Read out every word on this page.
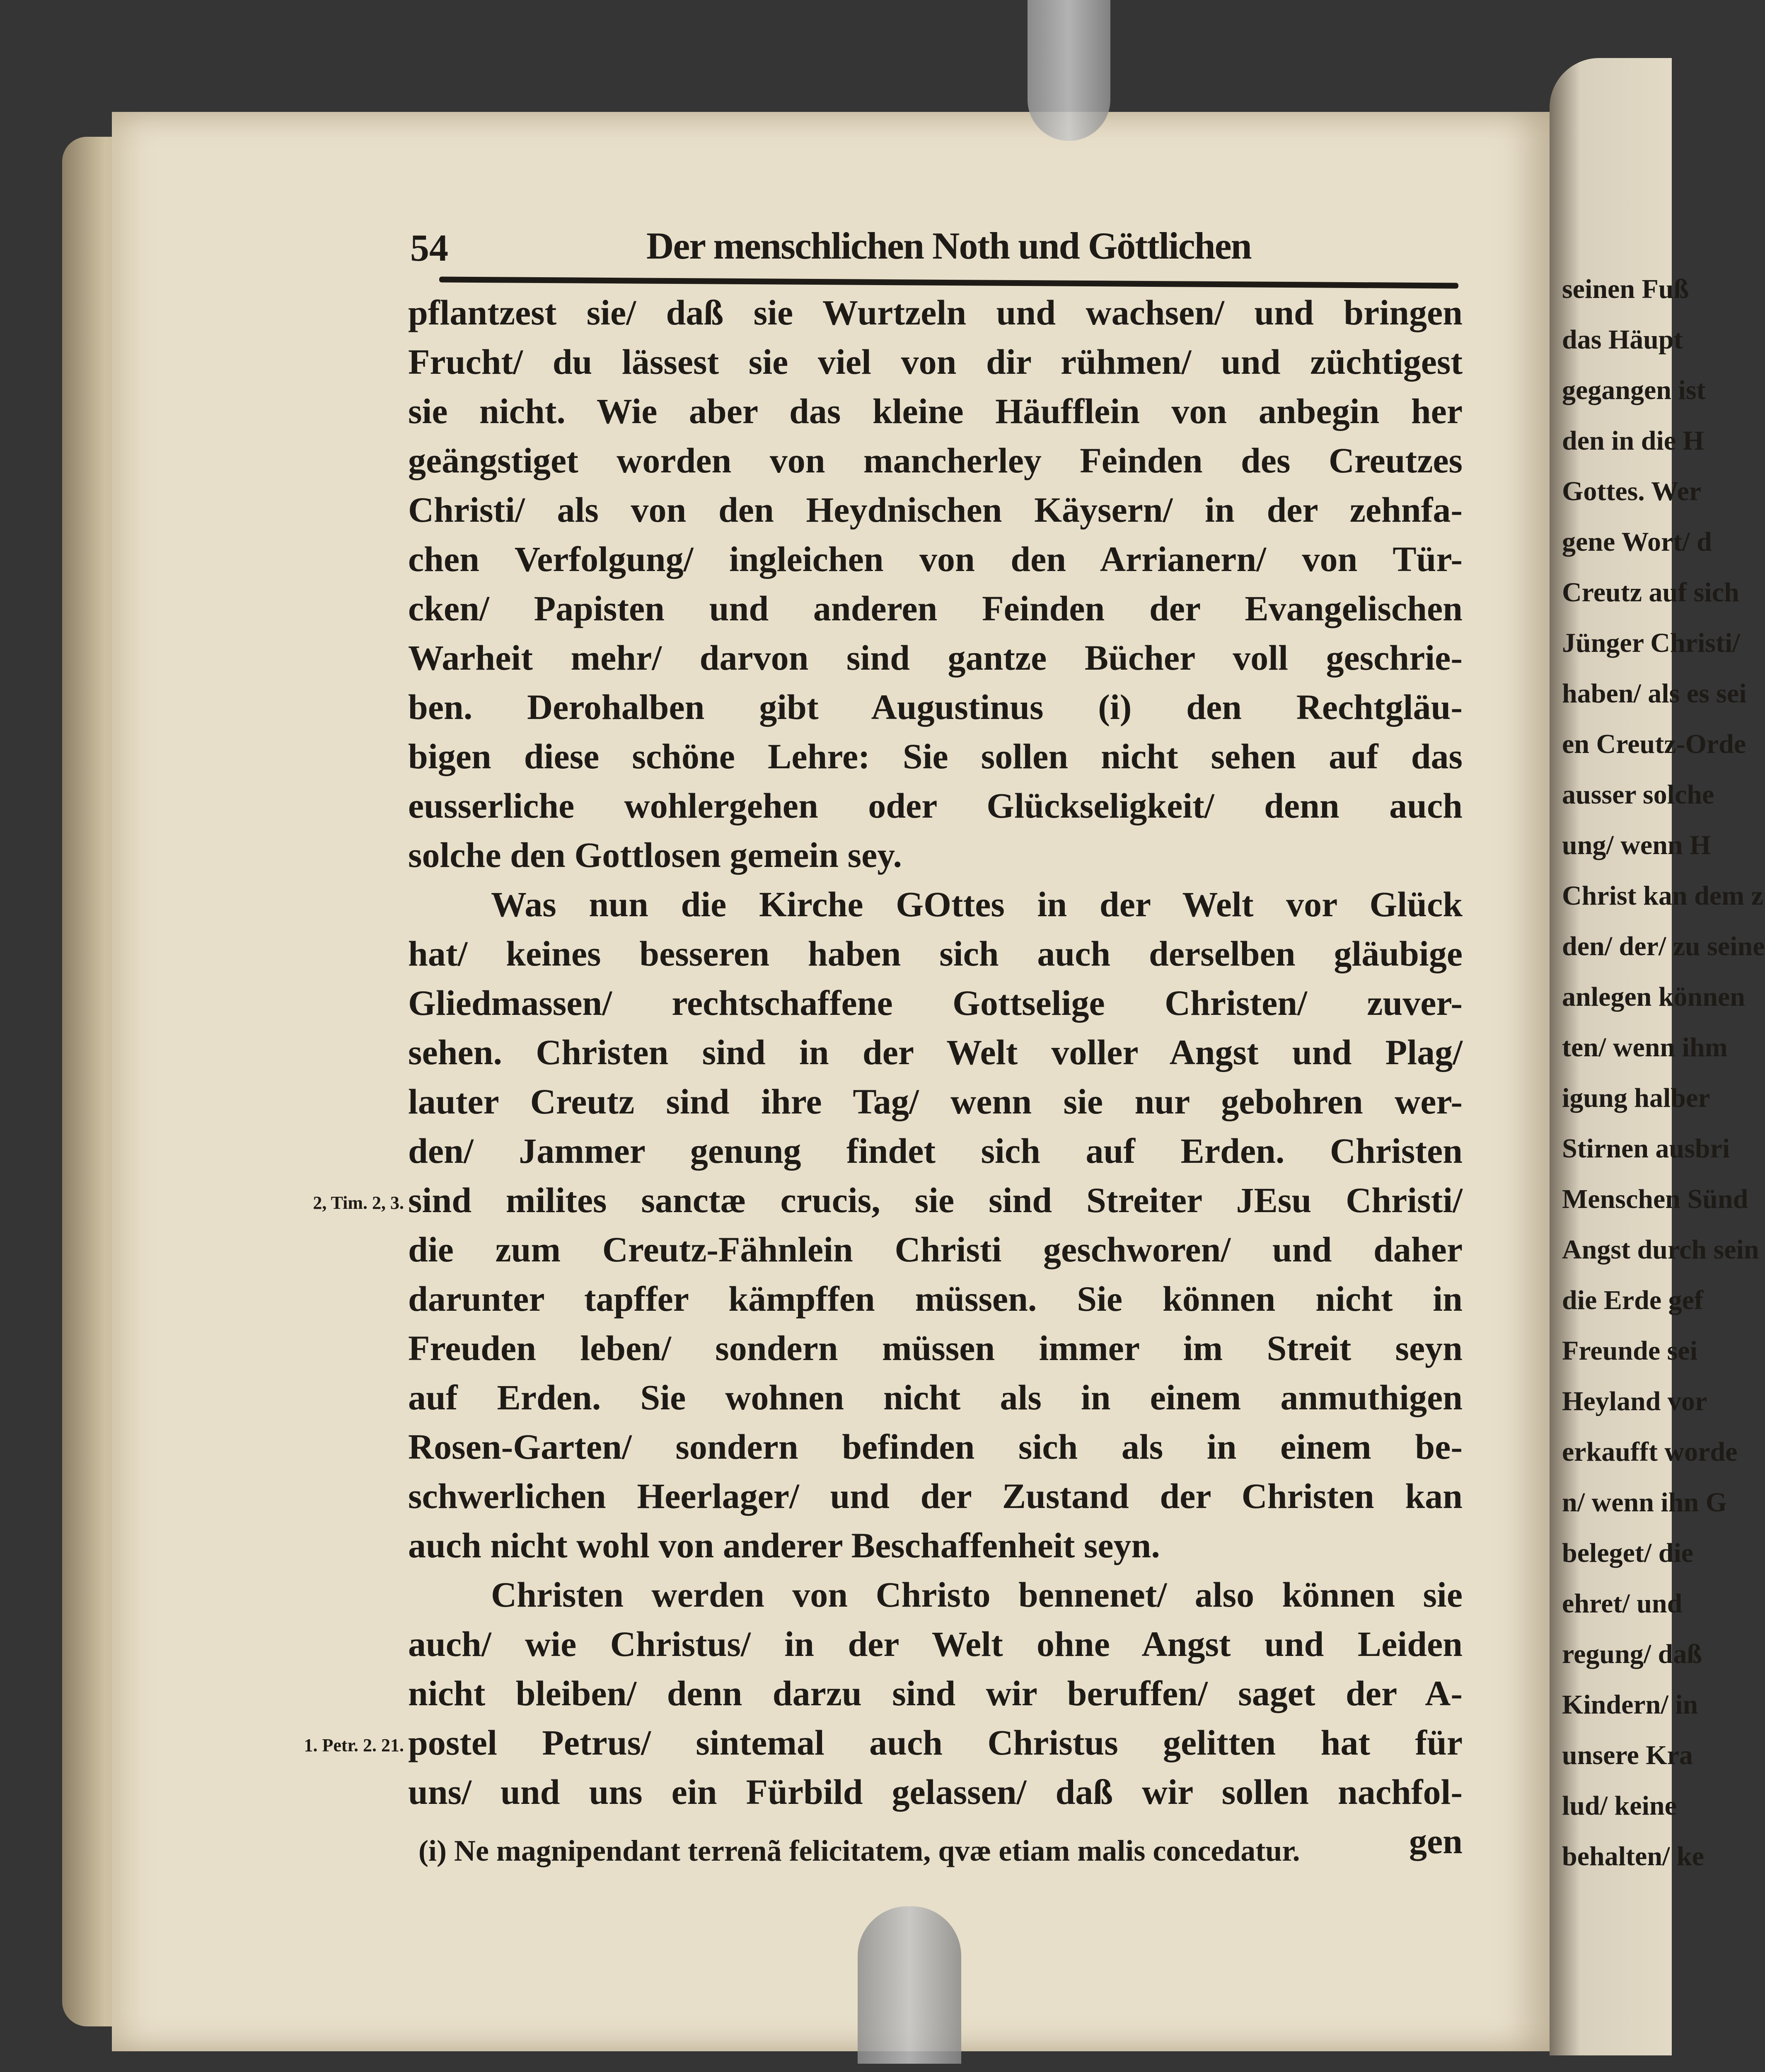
seinen Fuß
das Häupt
gegangen ist
den in die H
Gottes. Wer
gene Wort/ d
Creutz auf sich
Jünger Christi/
haben/ als es sei
en Creutz-Orde
ausser solche
ung/ wenn H
Christ kan dem z
den/ der/ zu seine
anlegen können
ten/ wenn ihm
igung halber
Stirnen ausbri
Menschen Sünd
Angst durch sein
die Erde gef
Freunde sei
Heyland vor
erkaufft worde
n/ wenn ihn G
beleget/ die
ehret/ und
regung/ daß
Kindern/ in
unsere Kra
lud/ keine
behalten/ ke
54	Der menschlichen Noth und Göttlichen
pflantzest sie/ daß sie Wurtzeln und wachsen/ und bringen
Frucht/ du lässest sie viel von dir rühmen/ und züchtigest
sie nicht. Wie aber das kleine Häufflein von anbegin her
geängstiget worden von mancherley Feinden des Creutzes
Christi/ als von den Heydnischen Käysern/ in der zehnfa-
chen Verfolgung/ ingleichen von den Arrianern/ von Tür-
cken/ Papisten und anderen Feinden der Evangelischen
Warheit mehr/ darvon sind gantze Bücher voll geschrie-
ben. Derohalben gibt Augustinus (i) den Rechtgläu-
bigen diese schöne Lehre: Sie sollen nicht sehen auf das
eusserliche wohlergehen oder Glückseligkeit/ denn auch
solche den Gottlosen gemein sey.
Was nun die Kirche GOttes in der Welt vor Glück
hat/ keines besseren haben sich auch derselben gläubige
Gliedmassen/ rechtschaffene Gottselige Christen/ zuver-
sehen. Christen sind in der Welt voller Angst und Plag/
lauter Creutz sind ihre Tag/ wenn sie nur gebohren wer-
den/ Jammer genung findet sich auf Erden. Christen
sind milites sanctæ crucis, sie sind Streiter JEsu Christi/
die zum Creutz-Fähnlein Christi geschworen/ und daher
darunter tapffer kämpffen müssen. Sie können nicht in
Freuden leben/ sondern müssen immer im Streit seyn
auf Erden. Sie wohnen nicht als in einem anmuthigen
Rosen-Garten/ sondern befinden sich als in einem be-
schwerlichen Heerlager/ und der Zustand der Christen kan
auch nicht wohl von anderer Beschaffenheit seyn.
Christen werden von Christo bennenet/ also können sie
auch/ wie Christus/ in der Welt ohne Angst und Leiden
nicht bleiben/ denn darzu sind wir beruffen/ saget der A-
postel Petrus/ sintemal auch Christus gelitten hat für
uns/ und uns ein Fürbild gelassen/ daß wir sollen nachfol-
gen
2, Tim. 2, 3.
1. Petr. 2. 21.
(i) Ne magnipendant terrenã felicitatem, qvæ etiam malis concedatur.
